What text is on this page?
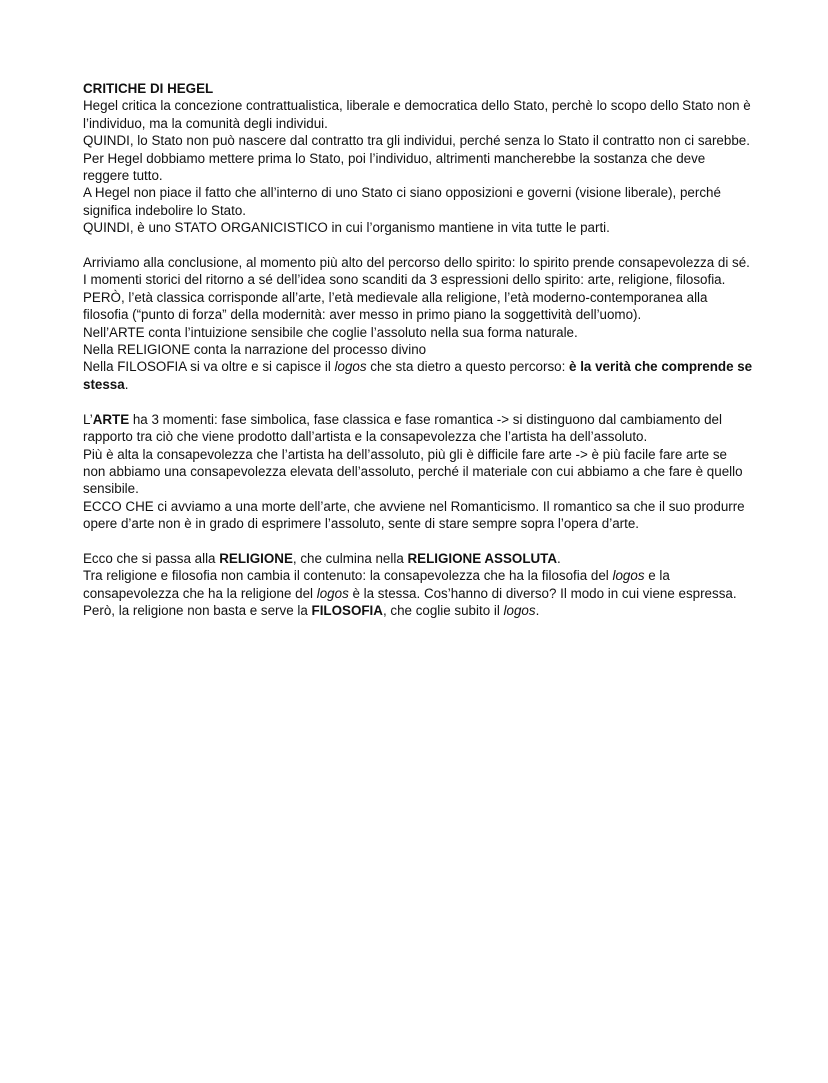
CRITICHE DI HEGEL

Hegel critica la concezione contrattualistica, liberale e democratica dello Stato, perchè lo scopo dello Stato non è l’individuo, ma la comunità degli individui.

QUINDI, lo Stato non può nascere dal contratto tra gli individui, perché senza lo Stato il contratto non ci sarebbe. Per Hegel dobbiamo mettere prima lo Stato, poi l’individuo, altrimenti mancherebbe la sostanza che deve reggere tutto.

A Hegel non piace il fatto che all’interno di uno Stato ci siano opposizioni e governi (visione liberale), perché significa indebolire lo Stato.

QUINDI, è uno STATO ORGANICISTICO in cui l’organismo mantiene in vita tutte le parti.

Arriviamo alla conclusione, al momento più alto del percorso dello spirito: lo spirito prende consapevolezza di sé.

I momenti storici del ritorno a sé dell’idea sono scanditi da 3 espressioni dello spirito: arte, religione, filosofia.

PERÒ, l’età classica corrisponde all’arte, l’età medievale alla religione, l’età moderno-contemporanea alla filosofia (“punto di forza” della modernità: aver messo in primo piano la soggettività dell’uomo).

Nell’ARTE conta l’intuizione sensibile che coglie l’assoluto nella sua forma naturale.

Nella RELIGIONE conta la narrazione del processo divino

Nella FILOSOFIA si va oltre e si capisce il logos che sta dietro a questo percorso: è la verità che comprende se stessa.

L’ARTE ha 3 momenti: fase simbolica, fase classica e fase romantica -> si distinguono dal cambiamento del rapporto tra ciò che viene prodotto dall’artista e la consapevolezza che l’artista ha dell’assoluto.

Più è alta la consapevolezza che l’artista ha dell’assoluto, più gli è difficile fare arte -> è più facile fare arte se non abbiamo una consapevolezza elevata dell’assoluto, perché il materiale con cui abbiamo a che fare è quello sensibile.

ECCO CHE ci avviamo a una morte dell’arte, che avviene nel Romanticismo. Il romantico sa che il suo produrre opere d’arte non è in grado di esprimere l’assoluto, sente di stare sempre sopra l’opera d’arte.

Ecco che si passa alla RELIGIONE, che culmina nella RELIGIONE ASSOLUTA.

Tra religione e filosofia non cambia il contenuto: la consapevolezza che ha la filosofia del logos e la consapevolezza che ha la religione del logos è la stessa. Cos’hanno di diverso? Il modo in cui viene espressa. Però, la religione non basta e serve la FILOSOFIA, che coglie subito il logos.
